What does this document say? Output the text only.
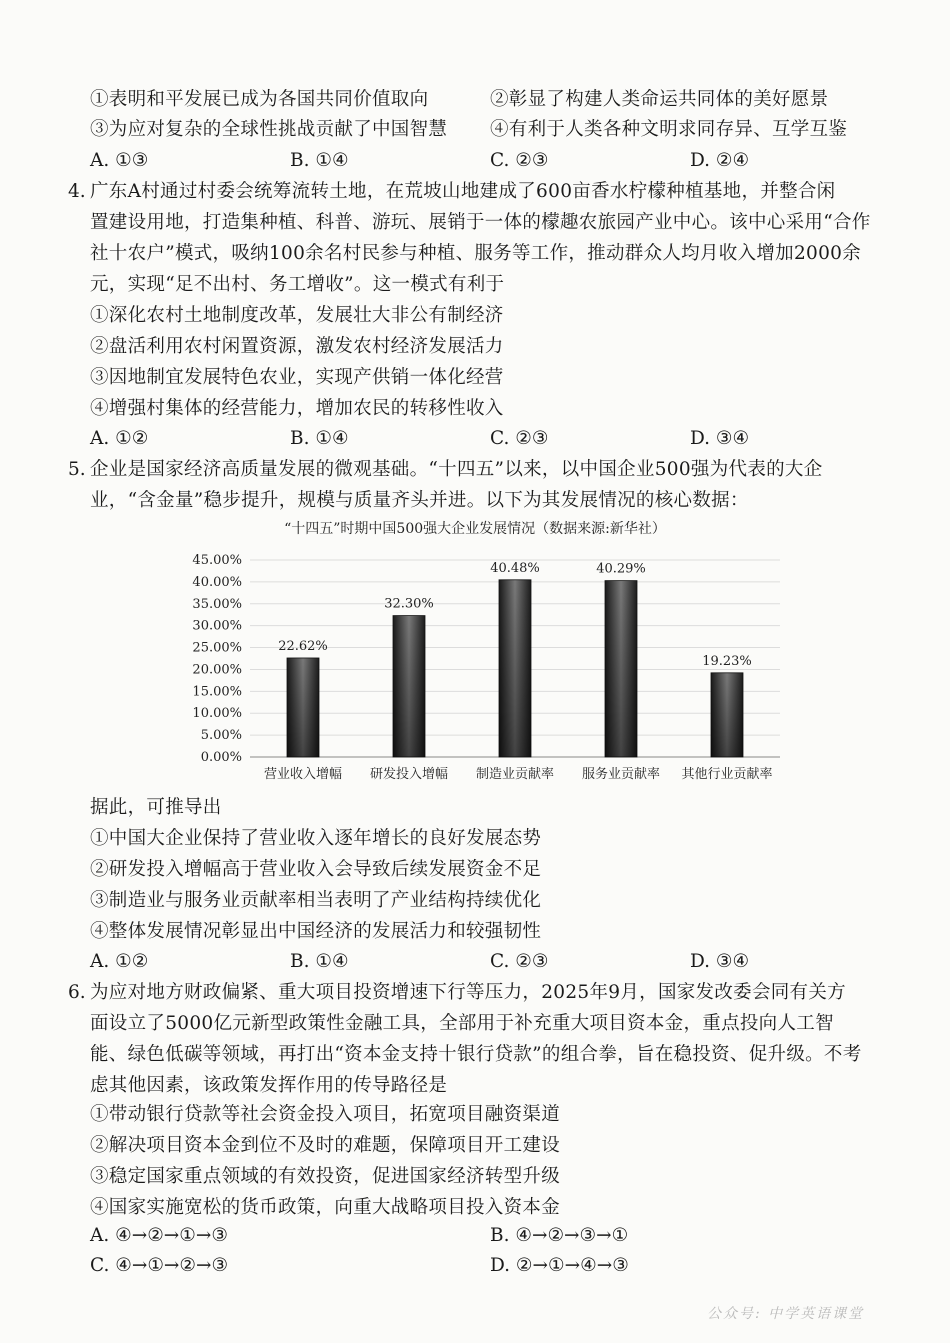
①表明和平发展已成为各国共同价值取向	②彰显了构建人类命运共同体的美好愿景
③为应对复杂的全球性挑战贡献了中国智慧 ④有利于人类各种文明求同存异、互学互鉴
A. ①③	B. ①④	C. ②③	D. ②④
4. 广东A村通过村委会统筹流转土地，在荒坡山地建成了600亩香水柠檬种植基地，并整合闲
置建设用地，打造集种植、科普、游玩、展销于一体的檬趣农旅园产业中心。该中心采用“合作
社十农户”模式，吸纳100余名村民参与种植、服务等工作，推动群众人均月收入增加2000余
元，实现“足不出村、务工增收”。这一模式有利于
①深化农村土地制度改革，发展壮大非公有制经济
②盘活利用农村闲置资源，激发农村经济发展活力
③因地制宜发展特色农业，实现产供销一体化经营
④增强村集体的经营能力，增加农民的转移性收入
A. ①②	B. ①④	C. ②③	D. ③④
5. 企业是国家经济高质量发展的微观基础。“十四五”以来，以中国企业500强为代表的大企
业，“含金量”稳步提升，规模与质量齐头并进。以下为其发展情况的核心数据：
“十四五”时期中国500强大企业发展情况（数据来源:新华社）
0.00%
5.00%
10.00%
15.00%
20.00%
25.00%
30.00%
35.00%
40.00%
45.00%
22.62%
营业收入增幅
32.30%
研发投入增幅
40.48%
制造业贡献率
40.29%
服务业贡献率
19.23%
其他行业贡献率
据此，可推导出
①中国大企业保持了营业收入逐年增长的良好发展态势
②研发投入增幅高于营业收入会导致后续发展资金不足
③制造业与服务业贡献率相当表明了产业结构持续优化
④整体发展情况彰显出中国经济的发展活力和较强韧性
A. ①②	B. ①④	C. ②③	D. ③④
6. 为应对地方财政偏紧、重大项目投资增速下行等压力，2025年9月，国家发改委会同有关方
面设立了5000亿元新型政策性金融工具，全部用于补充重大项目资本金，重点投向人工智
能、绿色低碳等领域，再打出“资本金支持十银行贷款”的组合拳，旨在稳投资、促升级。不考
虑其他因素，该政策发挥作用的传导路径是
①带动银行贷款等社会资金投入项目，拓宽项目融资渠道
②解决项目资本金到位不及时的难题，保障项目开工建设
③稳定国家重点领域的有效投资，促进国家经济转型升级
④国家实施宽松的货币政策，向重大战略项目投入资本金
A. ④→②→①→③	B. ④→②→③→①
C. ④→①→②→③	D. ②→①→④→③
公众号: 中学英语课堂
